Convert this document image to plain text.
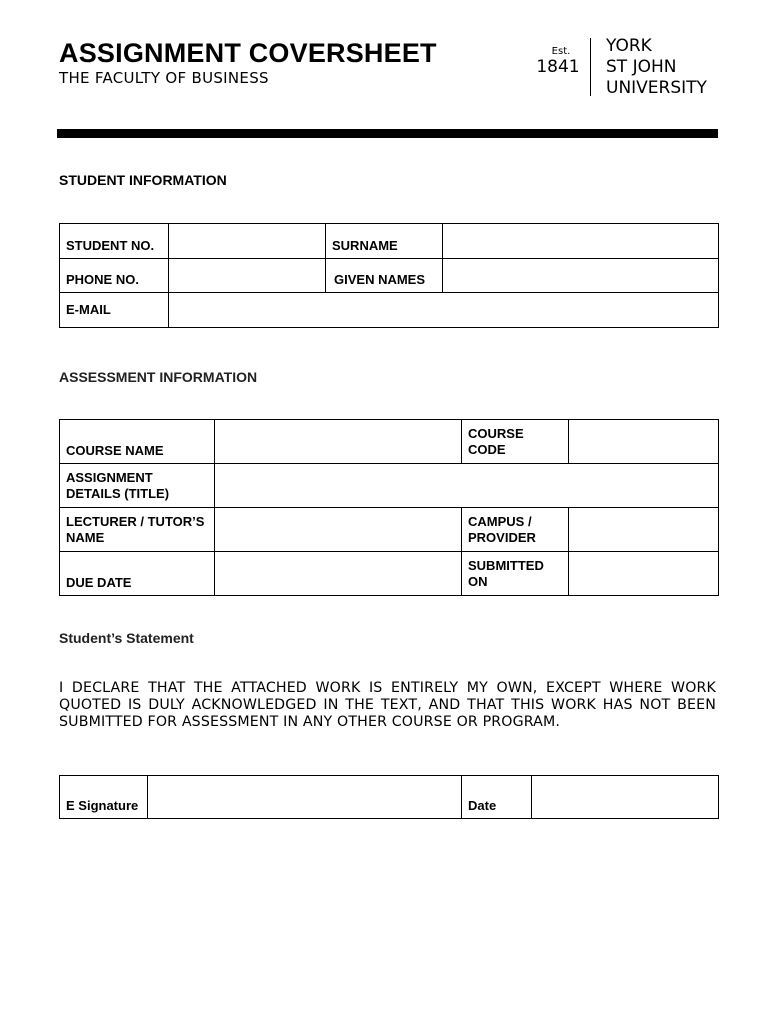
ASSIGNMENT COVERSHEET
THE FACULTY OF BUSINESS
Est.
1841
YORK
ST JOHN
UNIVERSITY
STUDENT INFORMATION
STUDENT NO.		SURNAME	
PHONE NO.		GIVEN NAMES	
E-MAIL			
ASSESSMENT INFORMATION
COURSE NAME		COURSE CODE	
ASSIGNMENT DETAILS (TITLE)			
LECTURER / TUTOR’S NAME		CAMPUS / PROVIDER	
DUE DATE		SUBMITTED ON	
Student’s Statement
I DECLARE THAT THE ATTACHED WORK IS ENTIRELY MY OWN, EXCEPT WHERE WORK QUOTED IS DULY ACKNOWLEDGED IN THE TEXT, AND THAT THIS WORK HAS NOT BEEN SUBMITTED FOR ASSESSMENT IN ANY OTHER COURSE OR PROGRAM.
E Signature		Date	
